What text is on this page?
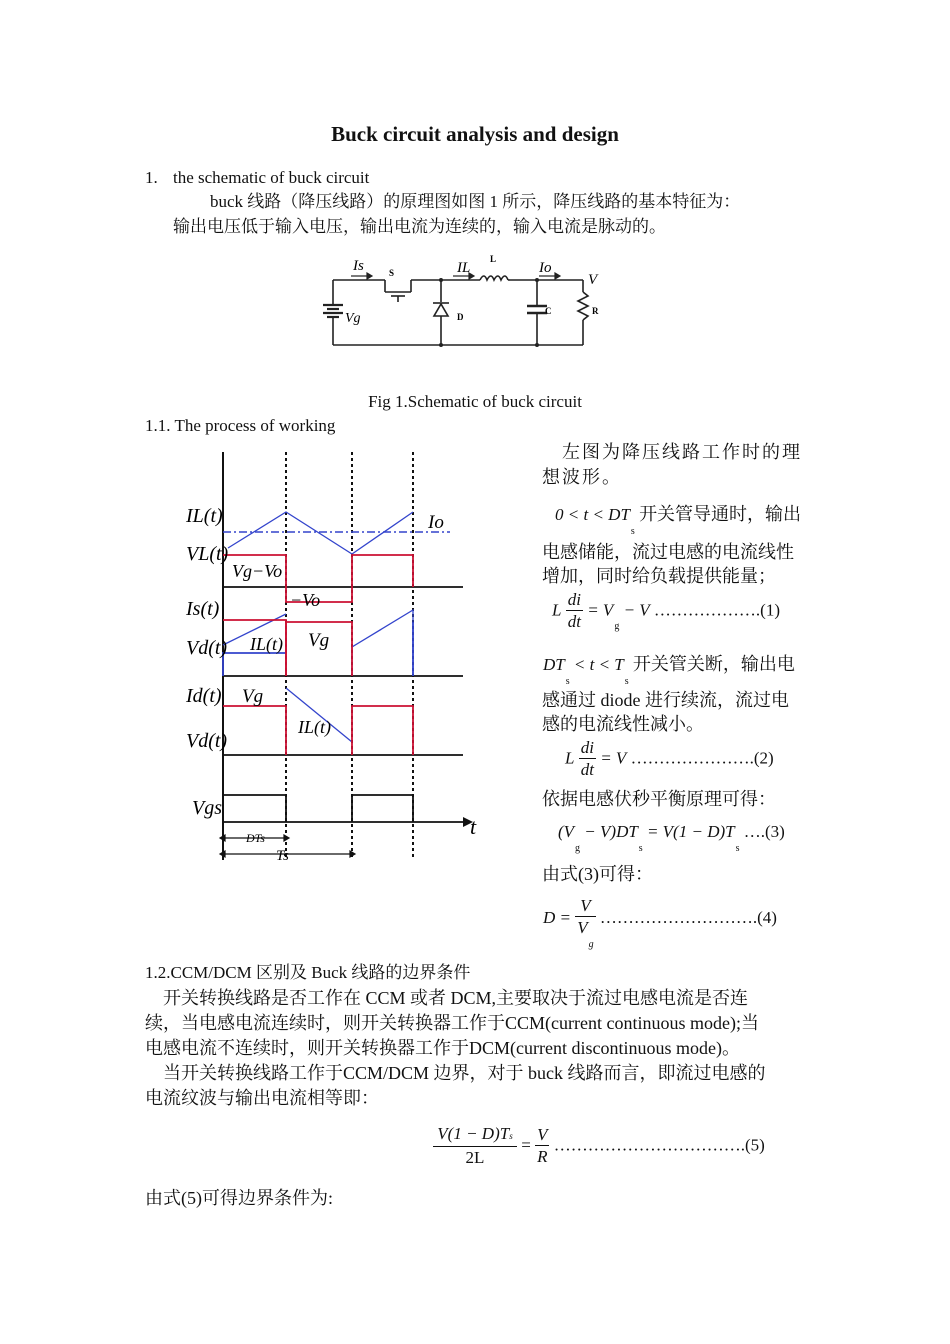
Buck circuit analysis and design
1. the schematic of buck circuit
buck 线路（降压线路）的原理图如图 1 所示，降压线路的基本特征为：
输出电压低于输入电压，输出电流为连续的，输入电流是脉动的。
Is	S	IL
L
Io
V
Vg	D
C	R
Fig 1.Schematic of buck circuit
1.1. The process of working
IL(t)
VL(t)
Io
Vg−Vo
−Vo
Is(t)
Vd(t) IL(t) Vg
Id(t) Vg
Vd(t)
IL(t)
Vgs
t
DTs
Ts
左图为降压线路工作时的理
想波形。
$0 < t < DT_s$ 开关管导通时，输出
电感储能，流过电感的电流线性
增加，同时给负载提供能量；
L $\frac{di}{dt} = V_g - V$ ……………….(1)
$DT_s < t < T_s$ 开关管关断，输出电
感通过 diode 进行续流，流过电
感的电流线性减小。
L $\frac{di}{dt} = V$ ………………….(2)
依据电感伏秒平衡原理可得：
$(V_g - V)DT_s = V(1 - D)T_s$ ….(3)
由式(3)可得：
$D = \frac{V}{V_g}$ ……………………….(4)
1.2.CCM/DCM 区别及 Buck 线路的边界条件
开关转换线路是否工作在 CCM 或者 DCM,主要取决于流过电感电流是否连
续，当电感电流连续时，则开关转换器工作于CCM(current continuous mode);当
电感电流不连续时，则开关转换器工作于DCM(current discontinuous mode)。
当开关转换线路工作于CCM/DCM 边界，对于 buck 线路而言，即流过电感的
电流纹波与输出电流相等即：
$\frac{V(1 - D)Ts}{2L} = \frac{V}{R}$ …………………………….(5)
由式(5)可得边界条件为:
